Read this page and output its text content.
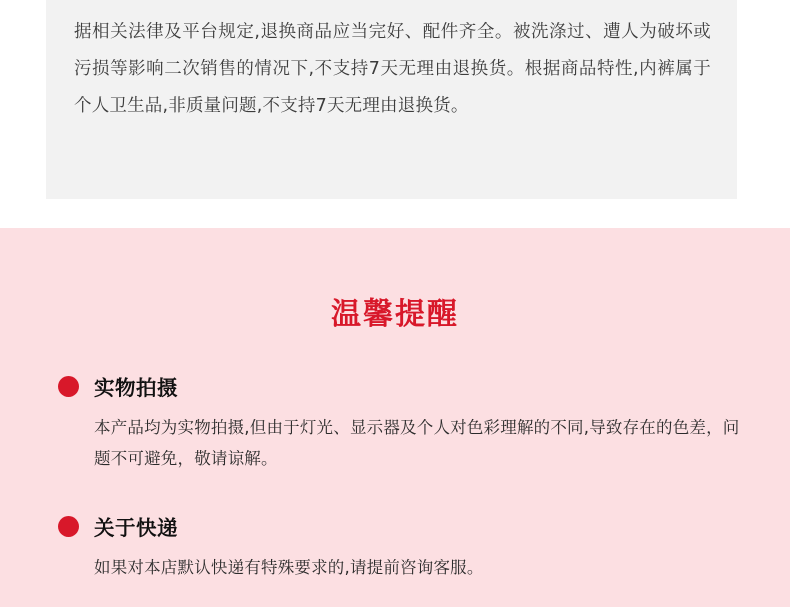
据相关法律及平台规定,退换商品应当完好、配件齐全。被洗涤过、遭人为破坏或污损等影响二次销售的情况下,不支持7天无理由退换货。根据商品特性,内裤属于个人卫生品,非质量问题,不支持7天无理由退换货。
温馨提醒
实物拍摄
本产品均为实物拍摄,但由于灯光、显示器及个人对色彩理解的不同,导致存在的色差，问题不可避免，敬请谅解。
关于快递
如果对本店默认快递有特殊要求的,请提前咨询客服。
